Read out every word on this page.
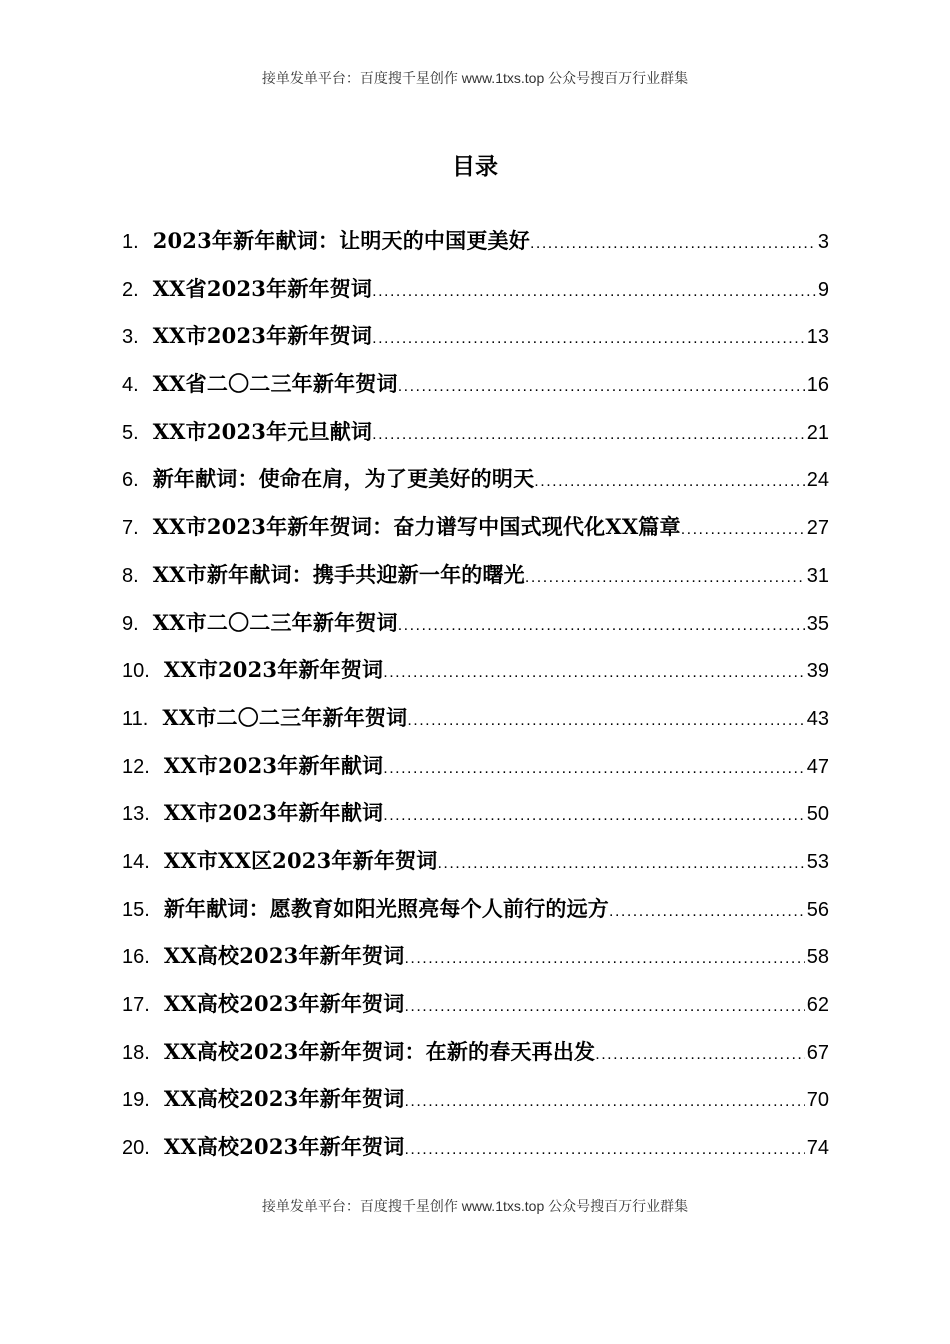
接单发单平台：百度搜千星创作 www.1txs.top 公众号搜百万行业群集
目录
1. 2023年新年献词：让明天的中国更美好 .....	3
2. XX省2023年新年贺词 .....	9
3. XX市2023年新年贺词 .....	13
4. XX省二〇二三年新年贺词 .....	16
5. XX市2023年元旦献词 .....	21
6. 新年献词：使命在肩，为了更美好的明天 .....	24
7. XX市2023年新年贺词：奋力谱写中国式现代化XX篇章 .....	27
8. XX市新年献词：携手共迎新一年的曙光 .....	31
9. XX市二〇二三年新年贺词 .....	35
10. XX市2023年新年贺词 .....	39
11. XX市二〇二三年新年贺词 .....	43
12. XX市2023年新年献词 .....	47
13. XX市2023年新年献词 .....	50
14. XX市XX区2023年新年贺词 .....	53
15. 新年献词：愿教育如阳光照亮每个人前行的远方 .....	56
16. XX高校2023年新年贺词 .....	58
17. XX高校2023年新年贺词 .....	62
18. XX高校2023年新年贺词：在新的春天再出发 .....	67
19. XX高校2023年新年贺词 .....	70
20. XX高校2023年新年贺词 .....	74
接单发单平台：百度搜千星创作 www.1txs.top 公众号搜百万行业群集
